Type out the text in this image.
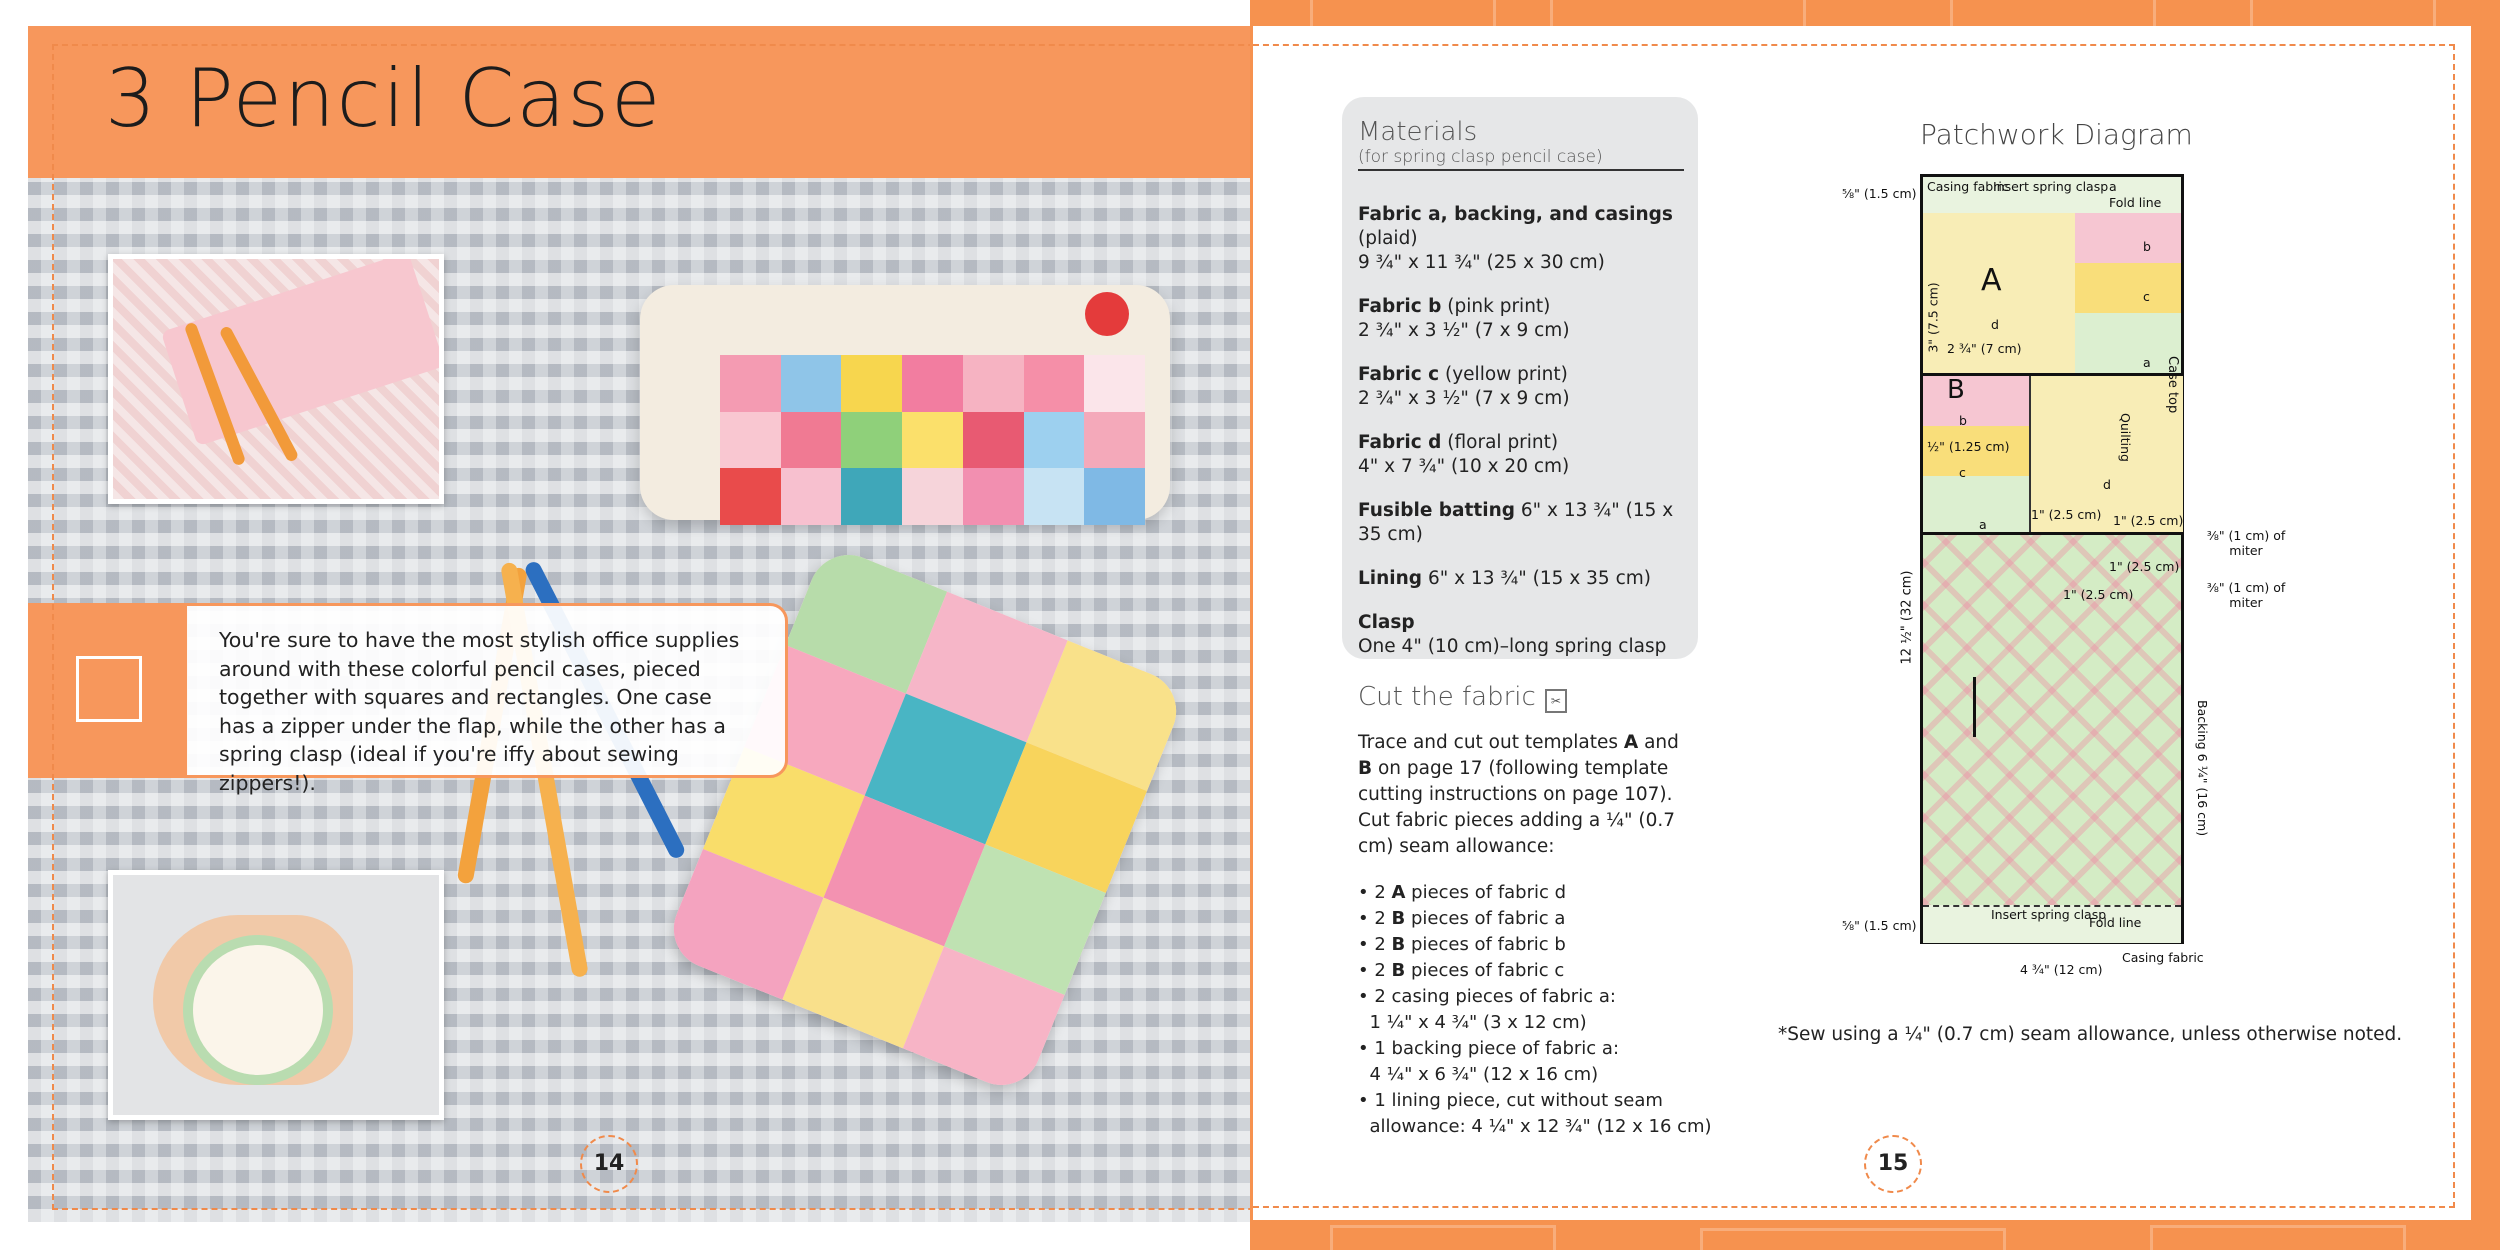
3 Pencil Case
You're sure to have the most stylish office supplies around with these colorful pencil cases, pieced together with squares and rectangles. One case has a zipper under the flap, while the other has a spring clasp (ideal if you're iffy about sewing zippers!).
14
Materials
(for spring clasp pencil case)
Fabric a, backing, and casings (plaid)
9 ¾" x 11 ¾" (25 x 30 cm)
Fabric b (pink print)
2 ¾" x 3 ½" (7 x 9 cm)
Fabric c (yellow print)
2 ¾" x 3 ½" (7 x 9 cm)
Fabric d (floral print)
4" x 7 ¾" (10 x 20 cm)
Fusible batting 6" x 13 ¾" (15 x 35 cm)
Lining 6" x 13 ¾" (15 x 35 cm)
Clasp
One 4" (10 cm)–long spring clasp
Cut the fabric ✂
Trace and cut out templates A and B on page 17 (following template cutting instructions on page 107). Cut fabric pieces adding a ¼" (0.7 cm) seam allowance:
• 2 A pieces of fabric d
• 2 B pieces of fabric a
• 2 B pieces of fabric b
• 2 B pieces of fabric c
• 2 casing pieces of fabric a:
1 ¼" x 4 ¾" (3 x 12 cm)
• 1 backing piece of fabric a:
4 ¼" x 6 ¾" (12 x 16 cm)
• 1 lining piece, cut without seam
allowance: 4 ¼" x 12 ¾" (12 x 16 cm)
Patchwork Diagram
Casing fabric
Insert spring clasp a
Fold line
A
d
2 ¾" (7 cm)
b
c
a
B
b
½" (1.25 cm)
c
Quilting
d
a
1" (2.5 cm) 1" (2.5 cm)
1" (2.5 cm)
1" (2.5 cm)
Insert spring clasp
Fold line
⅝" (1.5 cm)
3" (7.5 cm)
Case top
⅜" (1 cm) of miter
⅜" (1 cm) of miter
12 ½" (32 cm)
Backing 6 ¼" (16 cm)
⅝" (1.5 cm)
Casing fabric
4 ¾" (12 cm)
*Sew using a ¼" (0.7 cm) seam allowance, unless otherwise noted.
15
